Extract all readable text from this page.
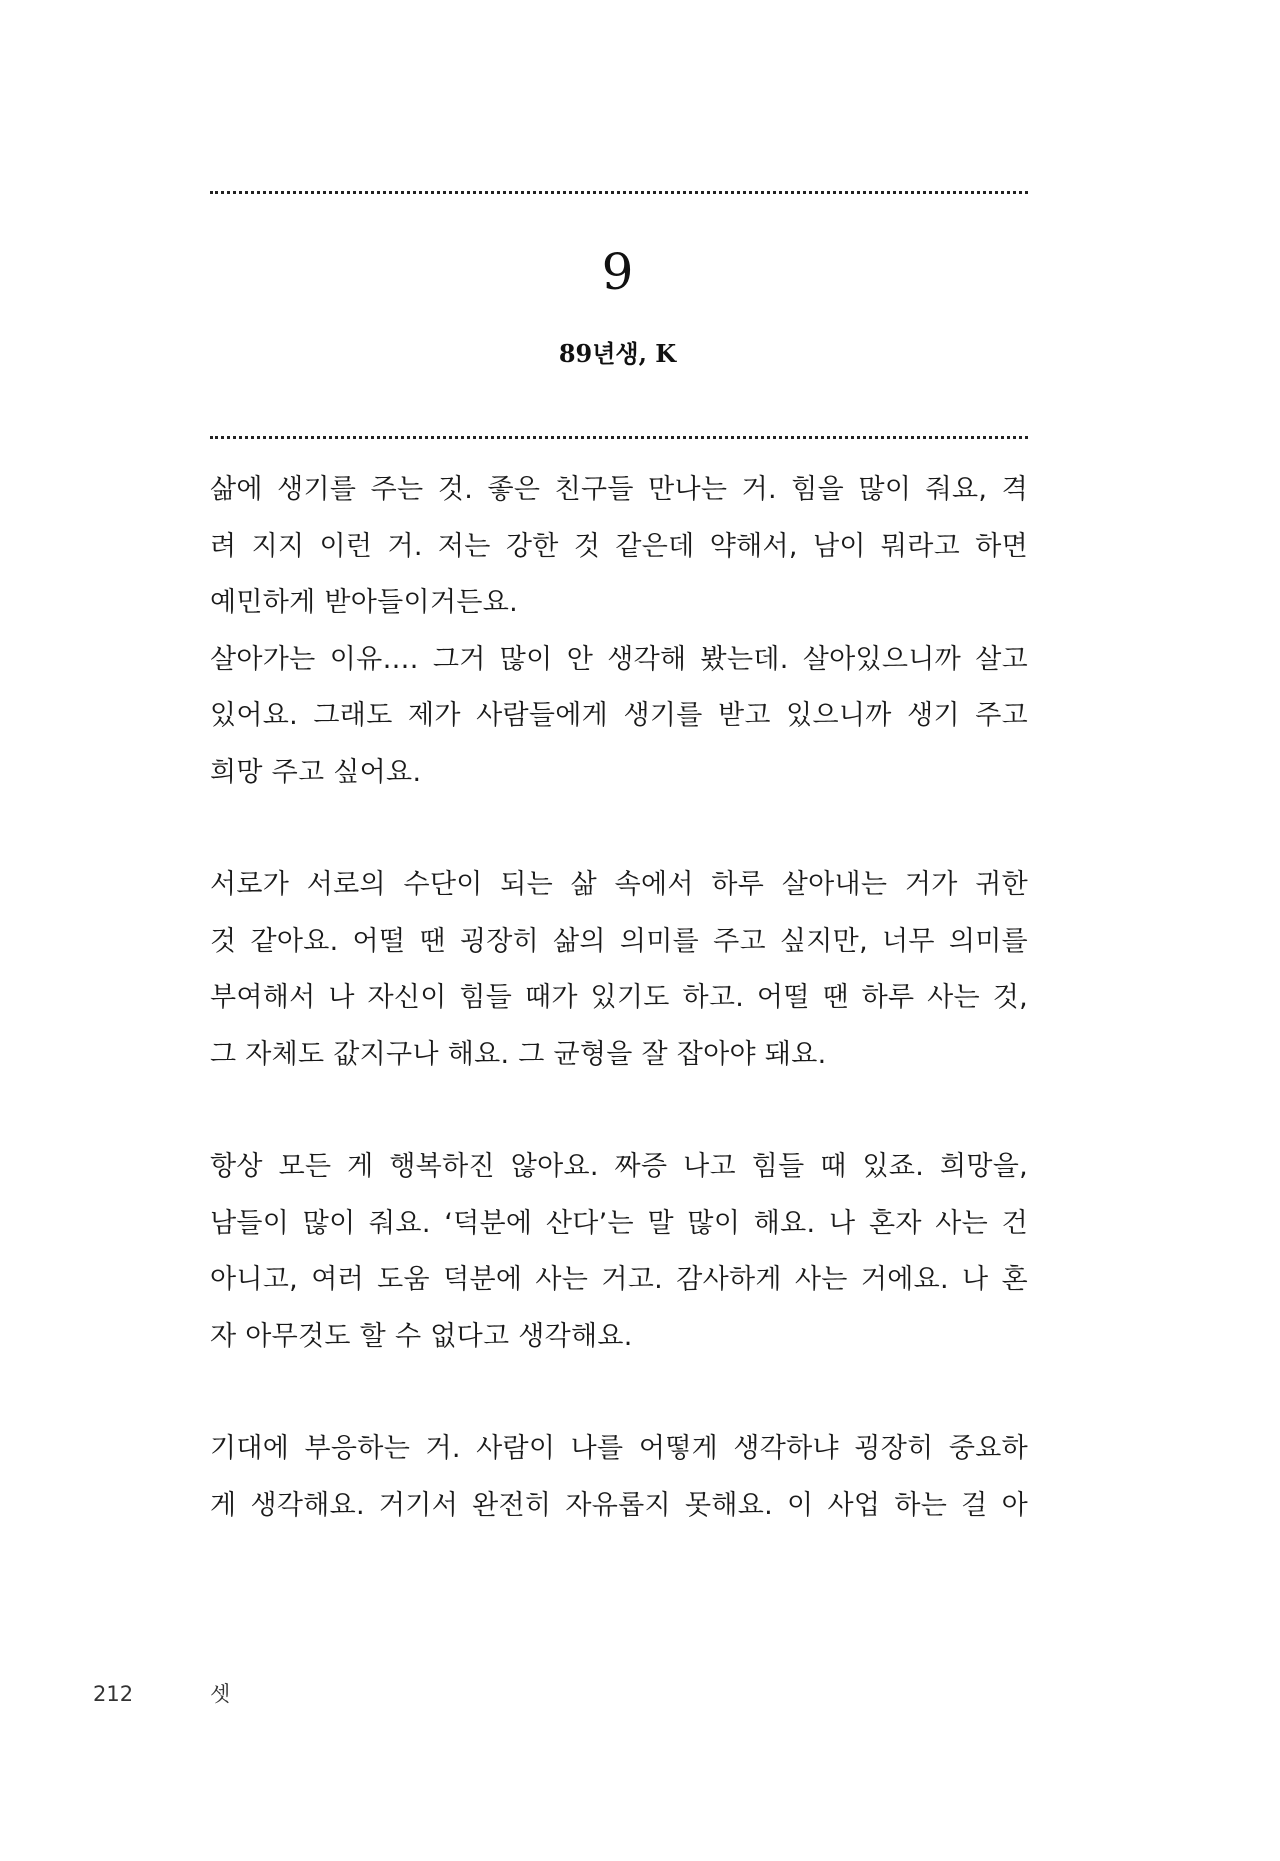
9
89년생, K

삶에 생기를 주는 것. 좋은 친구들 만나는 거. 힘을 많이 줘요, 격
려 지지 이런 거. 저는 강한 것 같은데 약해서, 남이 뭐라고 하면
예민하게 받아들이거든요.

살아가는 이유…. 그거 많이 안 생각해 봤는데. 살아있으니까 살고
있어요. 그래도 제가 사람들에게 생기를 받고 있으니까 생기 주고
희망 주고 싶어요.

서로가 서로의 수단이 되는 삶 속에서 하루 살아내는 거가 귀한
것 같아요. 어떨 땐 굉장히 삶의 의미를 주고 싶지만, 너무 의미를
부여해서 나 자신이 힘들 때가 있기도 하고. 어떨 땐 하루 사는 것,
그 자체도 값지구나 해요. 그 균형을 잘 잡아야 돼요.

항상 모든 게 행복하진 않아요. 짜증 나고 힘들 때 있죠. 희망을,
남들이 많이 줘요. ‘덕분에 산다’는 말 많이 해요. 나 혼자 사는 건
아니고, 여러 도움 덕분에 사는 거고. 감사하게 사는 거에요. 나 혼
자 아무것도 할 수 없다고 생각해요.

기대에 부응하는 거. 사람이 나를 어떻게 생각하냐 굉장히 중요하
게 생각해요. 거기서 완전히 자유롭지 못해요. 이 사업 하는 걸 아

212	셋
